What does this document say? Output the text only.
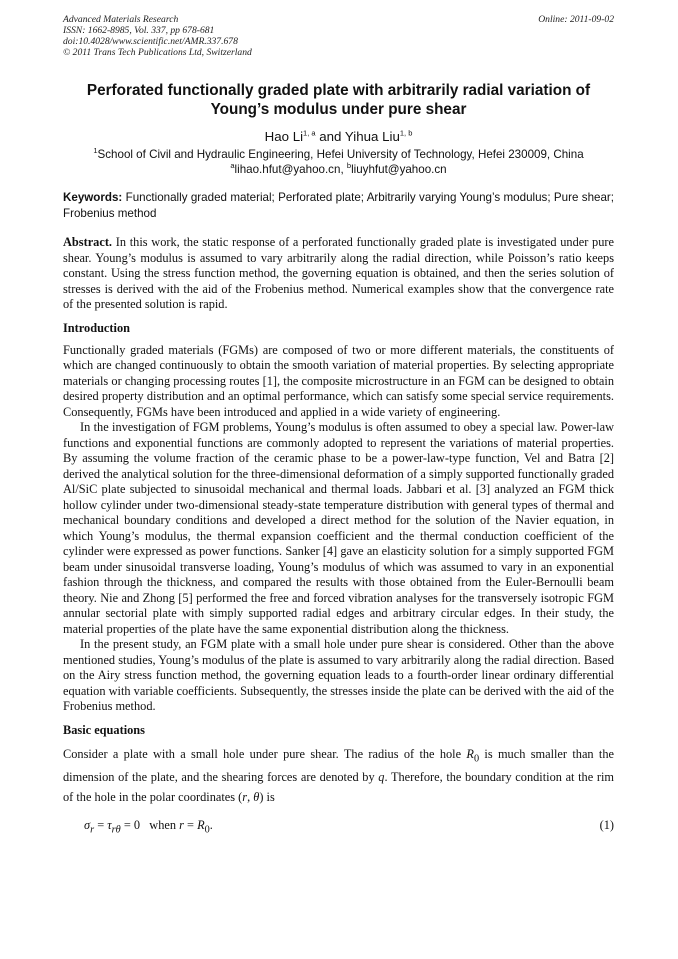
Advanced Materials Research
ISSN: 1662-8985, Vol. 337, pp 678-681
doi:10.4028/www.scientific.net/AMR.337.678
© 2011 Trans Tech Publications Ltd, Switzerland
Online: 2011-09-02
Perforated functionally graded plate with arbitrarily radial variation of Young’s modulus under pure shear
Hao Li$^{1, a}$ and Yihua Liu$^{1, b}$
$^1$School of Civil and Hydraulic Engineering, Hefei University of Technology, Hefei 230009, China
$^a$lihao.hfut@yahoo.cn, $^b$liuyhfut@yahoo.cn
Keywords: Functionally graded material; Perforated plate; Arbitrarily varying Young’s modulus; Pure shear; Frobenius method

Abstract. In this work, the static response of a perforated functionally graded plate is investigated under pure shear. Young’s modulus is assumed to vary arbitrarily along the radial direction, while Poisson’s ratio keeps constant. Using the stress function method, the governing equation is obtained, and then the series solution of stresses is derived with the aid of the Frobenius method. Numerical examples show that the convergence rate of the presented solution is rapid.

Introduction

Functionally graded materials (FGMs) are composed of two or more different materials, the constituents of which are changed continuously to obtain the smooth variation of material properties. By selecting appropriate materials or changing processing routes [1], the composite microstructure in an FGM can be designed to obtain desired property distribution and an optimal performance, which can satisfy some special service requirements. Consequently, FGMs have been introduced and applied in a wide variety of engineering.

In the investigation of FGM problems, Young’s modulus is often assumed to obey a special law. Power-law functions and exponential functions are commonly adopted to represent the variations of material properties. By assuming the volume fraction of the ceramic phase to be a power-law-type function, Vel and Batra [2] derived the analytical solution for the three-dimensional deformation of a simply supported functionally graded Al/SiC plate subjected to sinusoidal mechanical and thermal loads. Jabbari et al. [3] analyzed an FGM thick hollow cylinder under two-dimensional steady-state temperature distribution with general types of thermal and mechanical boundary conditions and developed a direct method for the solution of the Navier equation, in which Young’s modulus, the thermal expansion coefficient and the thermal conduction coefficient of the cylinder were expressed as power functions. Sanker [4] gave an elasticity solution for a simply supported FGM beam under sinusoidal transverse loading, Young’s modulus of which was assumed to vary in an exponential fashion through the thickness, and compared the results with those obtained from the Euler-Bernoulli beam theory. Nie and Zhong [5] performed the free and forced vibration analyses for the transversely isotropic FGM annular sectorial plate with simply supported radial edges and arbitrary circular edges. In their study, the material properties of the plate have the same exponential distribution along the thickness.

In the present study, an FGM plate with a small hole under pure shear is considered. Other than the above mentioned studies, Young’s modulus of the plate is assumed to vary arbitrarily along the radial direction. Based on the Airy stress function method, the governing equation leads to a fourth-order linear ordinary differential equation with variable coefficients. Subsequently, the stresses inside the plate can be derived with the aid of the Frobenius method.

Basic equations

Consider a plate with a small hole under pure shear. The radius of the hole $R_0$ is much smaller than the dimension of the plate, and the shearing forces are denoted by q. Therefore, the boundary condition at the rim of the hole in the polar coordinates (r, θ) is

$\sigma_r = \tau_{r\theta} = 0$   when $r = R_0$.	(1)
